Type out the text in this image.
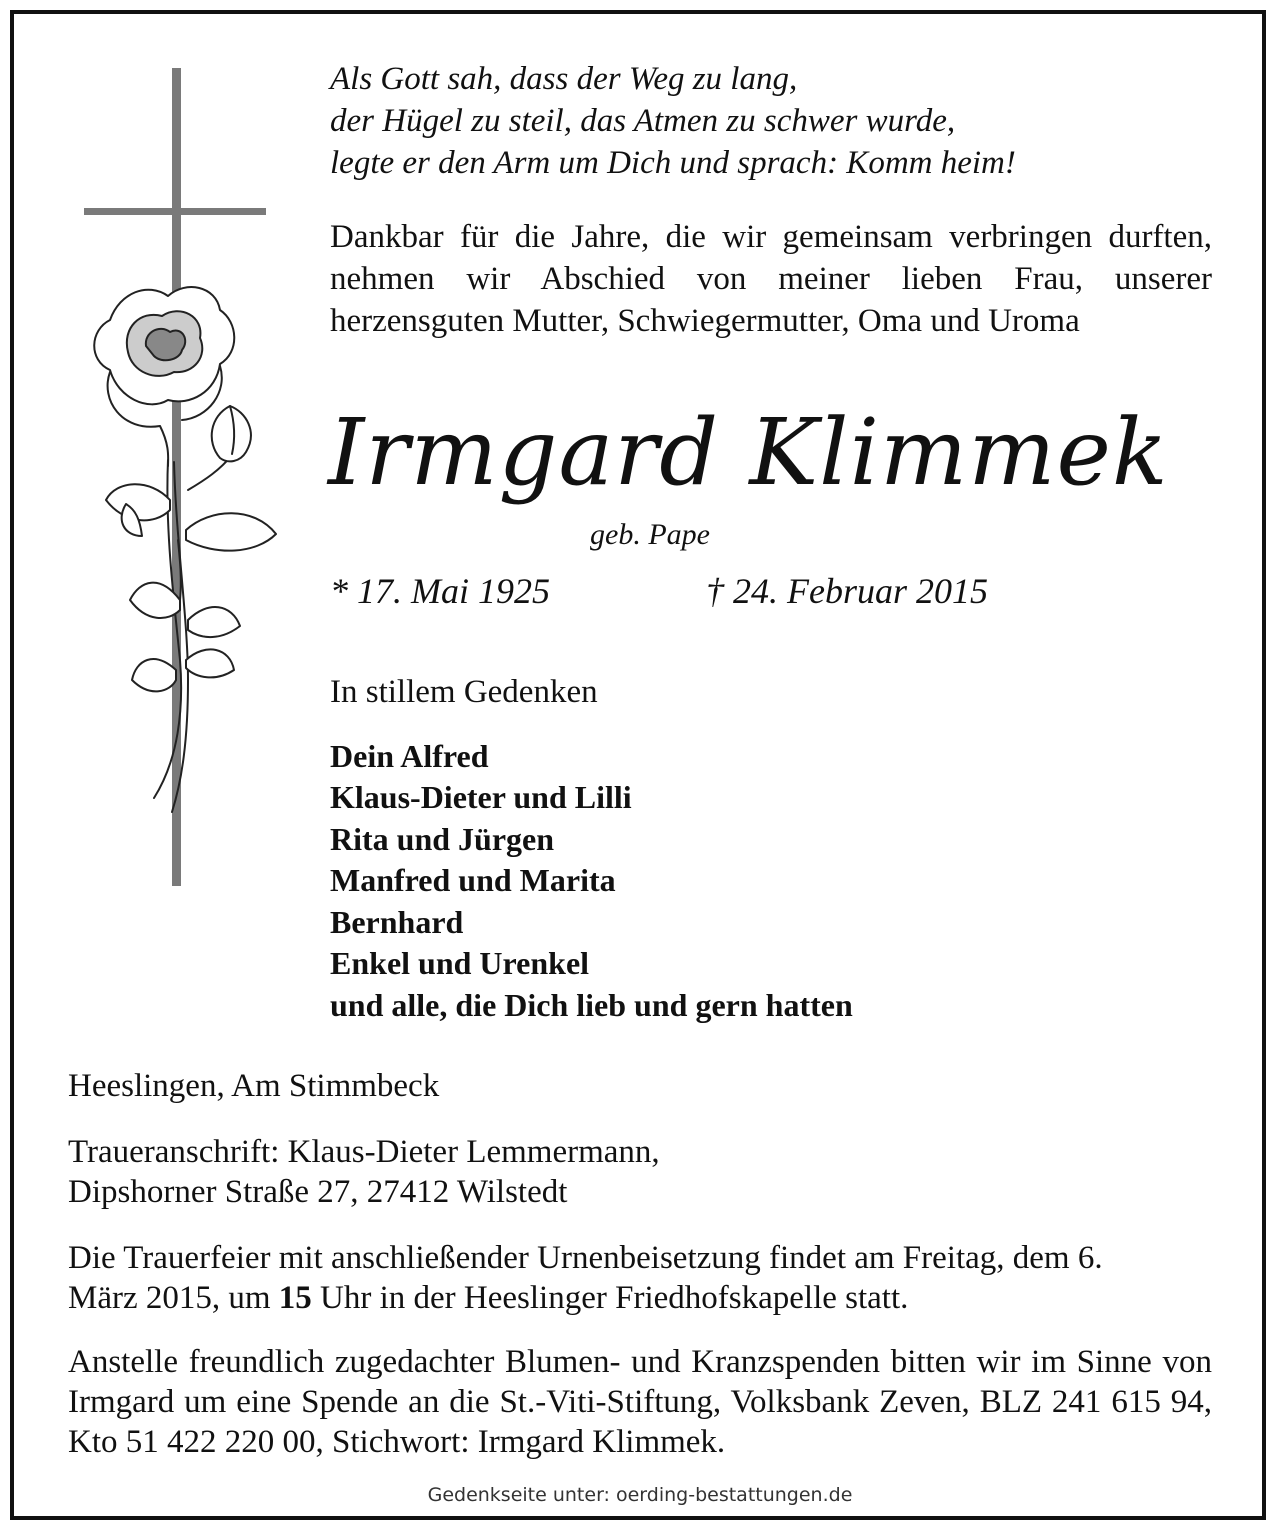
Als Gott sah, dass der Weg zu lang,
der Hügel zu steil, das Atmen zu schwer wurde,
legte er den Arm um Dich und sprach: Komm heim!
Dankbar für die Jahre, die wir gemeinsam verbringen durften, nehmen wir Abschied von meiner lieben Frau, unserer herzensguten Mutter, Schwiegermutter, Oma und Uroma
Irmgard Klimmek
geb. Pape
* 17. Mai 1925	† 24. Februar 2015
In stillem Gedenken
Dein Alfred
Klaus-Dieter und Lilli
Rita und Jürgen
Manfred und Marita
Bernhard
Enkel und Urenkel
und alle, die Dich lieb und gern hatten
Heeslingen, Am Stimmbeck
Traueranschrift: Klaus-Dieter Lemmermann,
Dipshorner Straße 27, 27412 Wilstedt
Die Trauerfeier mit anschließender Urnenbeisetzung findet am Freitag, dem 6. März 2015, um 15 Uhr in der Heeslinger Friedhofskapelle statt.
Anstelle freundlich zugedachter Blumen- und Kranzspenden bitten wir im Sinne von Irmgard um eine Spende an die St.-Viti-Stiftung, Volksbank Zeven, BLZ 241 615 94, Kto 51 422 220 00, Stichwort: Irmgard Klimmek.
Gedenkseite unter: oerding-bestattungen.de
